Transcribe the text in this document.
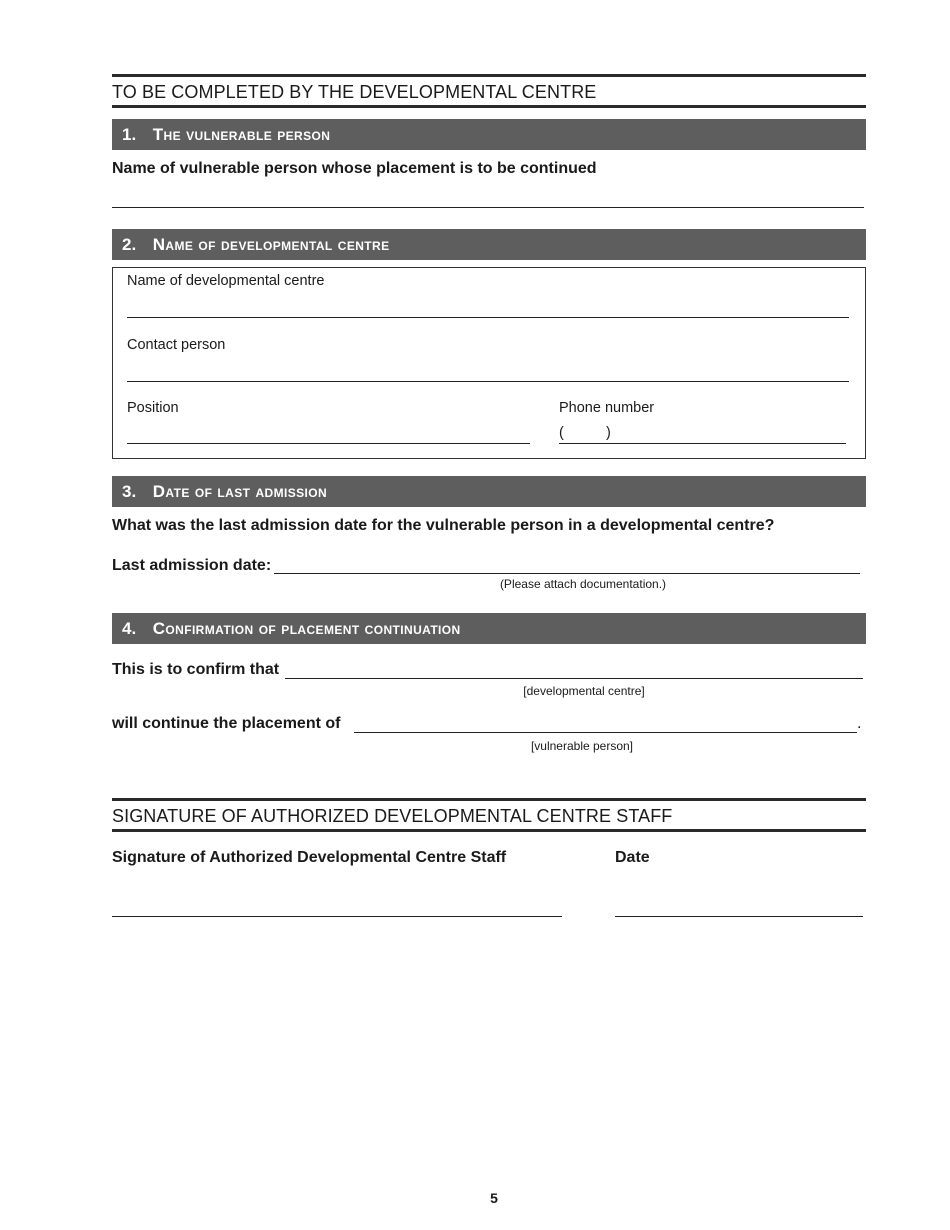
TO BE COMPLETED BY THE DEVELOPMENTAL CENTRE
1. The vulnerable person
Name of vulnerable person whose placement is to be continued
2. Name of developmental centre
Name of developmental centre
Contact person
Position	Phone number
(	)
3. Date of last admission
What was the last admission date for the vulnerable person in a developmental centre?
Last admission date:
(Please attach documentation.)
4. Confirmation of placement continuation
This is to confirm that
[developmental centre]
will continue the placement of	.
[vulnerable person]
SIGNATURE OF AUTHORIZED DEVELOPMENTAL CENTRE STAFF
Signature of Authorized Developmental Centre Staff	Date
5
